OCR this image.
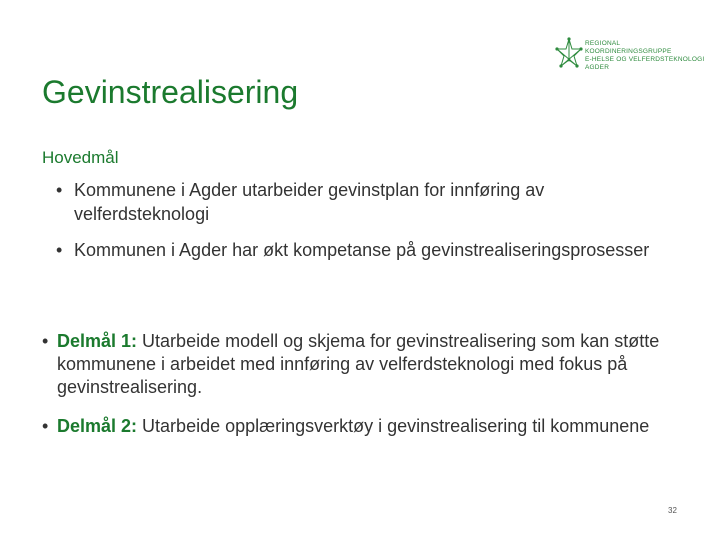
REGIONAL
KOORDINERINGSGRUPPE
E-HELSE OG VELFERDSTEKNOLOGI
AGDER
Gevinstrealisering
Hovedmål
• Kommunene i Agder utarbeider gevinstplan for innføring av velferdsteknologi
• Kommunen i Agder har økt kompetanse på gevinstrealiseringsprosesser
• Delmål 1: Utarbeide modell og skjema for gevinstrealisering som kan støtte kommunene i arbeidet med innføring av velferdsteknologi med fokus på gevinstrealisering.
• Delmål 2: Utarbeide opplæringsverktøy i gevinstrealisering til kommunene
32
